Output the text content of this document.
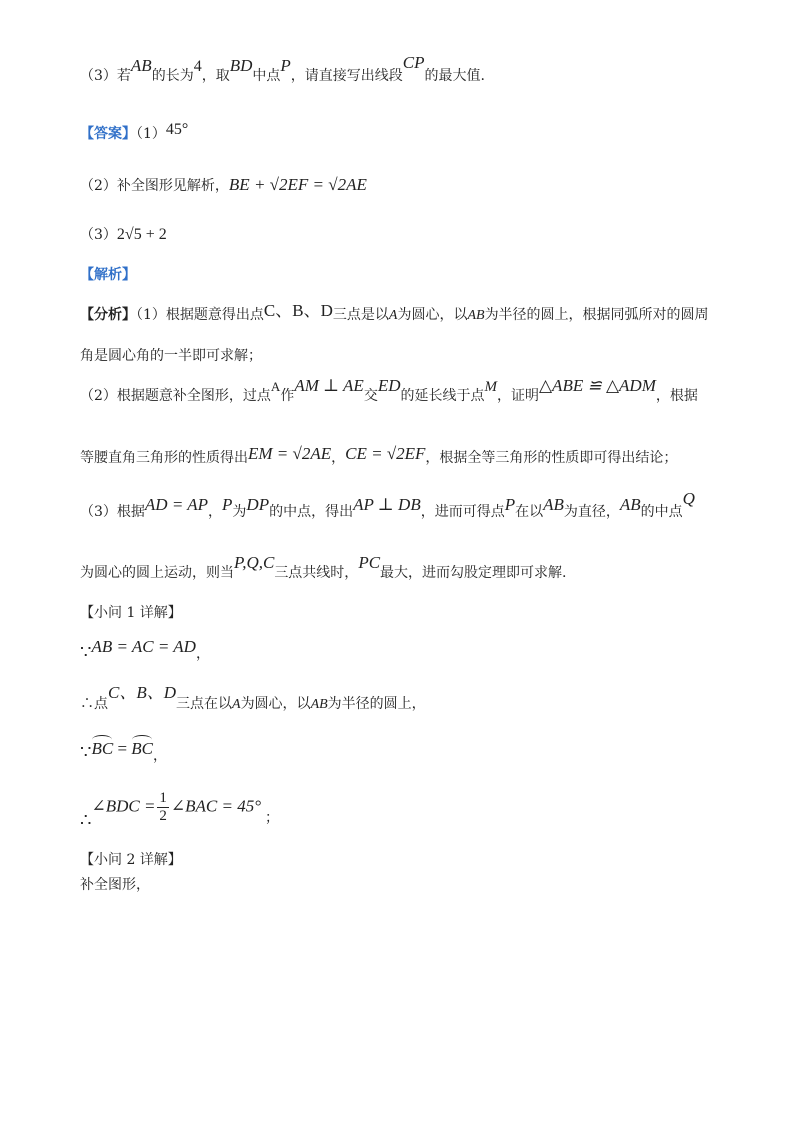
（3）若AB的长为4，取BD中点P，请直接写出线段CP的最大值.
【答案】（1）45°
（2）补全图形见解析，BE + √2EF = √2AE
（3）2√5 + 2
【解析】
【分析】（1）根据题意得出点C、B、D三点是以A为圆心，以AB为半径的圆上，根据同弧所对的圆周
角是圆心角的一半即可求解；
（2）根据题意补全图形，过点A作AM ⊥ AE交ED的延长线于点M，证明△ABE ≌ △ADM，根据
等腰直角三角形的性质得出EM = √2AE，CE = √2EF，根据全等三角形的性质即可得出结论；
（3）根据AD = AP，P为DP的中点，得出AP ⊥ DB，进而可得点P在以AB为直径，AB的中点Q
为圆心的圆上运动，则当P,Q,C三点共线时，PC最大，进而勾股定理即可求解.
【小问 1 详解】
∵AB = AC = AD，
∴点C、B、D三点在以A为圆心，以AB为半径的圆上，
∵BC = BC，
∴∠BDC = $\frac{1}{2}$ ∠BAC = 45°；
【小问 2 详解】
补全图形，
